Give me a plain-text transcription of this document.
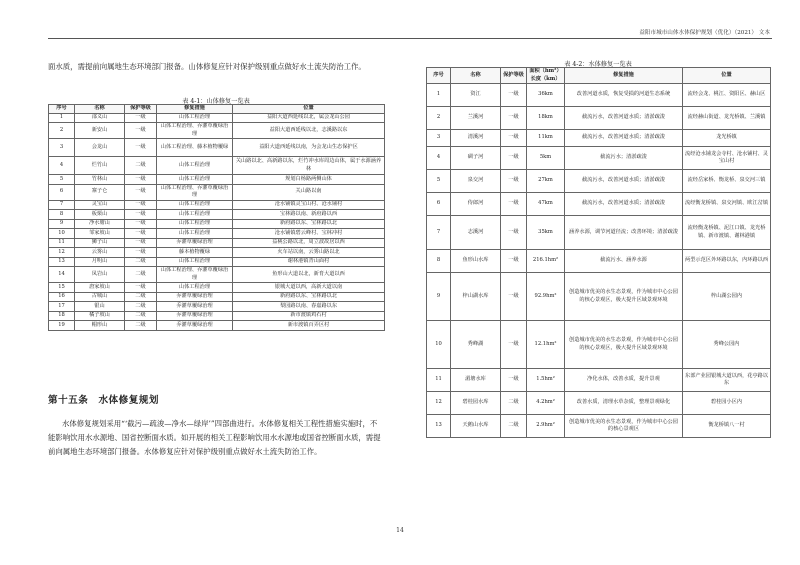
益阳市城市山体水体保护规划（优化）（2021） 文本

面水质，需提前向属地生态环境部门报备。山体修复应针对保护级别重点做好水土流失防治工作。

表 4-1：山体修复一览表
序号	名称	保护等级	修复措施	位置
1	邵义山	一级	山体工程治理	益阳大道西延线以北，属会龙山公园
2	新安山	一级	山体工程治理、乔灌草覆绿治理	益阳大道西延线以北，志溪路以东
3	会龙山	一级	山体工程治理、藤本植物覆绿	益阳大道西延线以南，为会龙山生态保护区
4	烂竹山	二级	山体工程治理	关山路以北、高新路以东，烂竹冲水库周边山体，属于水源涵养林
5	竹林山	一级	山体工程治理	规划白杨路两侧山体
6	寨子仑	一级	山体工程治理、乔灌草覆绿治理	关山路以南
7	灵宝山	一级	山体工程治理	沧水铺镇灵宝山村、沧水铺村
8	板栗山	一级	山体工程治理	宝林路以南、新府路以西
9	净水塘山	一级	山体工程治理	新府路以东、宝林路以北
10	邹家坡山	一级	山体工程治理	沧水铺镇碧云峰村、宝林冲村
11	狮子山	一级	乔灌草覆绿治理	益桃公路以北，周立波故居以西
12	云雾山	一级	藤本植物覆绿	火车站以南，云雾山路以北
13	月明山	二级	山体工程治理	谢林港镇青山面村
14	凤岩山	二级	山体工程治理、乔灌草覆绿治理	鱼形山大道以北，新育大道以西
15	唐家坡山	一级	山体工程治理	银城大道以西，高新大道以南
16	古城山	二级	乔灌草覆绿治理	新府路以东、宝林路以北
17	银山	二级	乔灌草覆绿治理	梨园路以南、春嘉路以东
18	橘子坡山	二级	乔灌草覆绿治理	新市渡镇鸡石村
19	帽形山	二级	乔灌草覆绿治理	新市渡镇百弄区村
第十五条　水体修复规划

水体修复规划采用“‘截污—疏浚—净水—绿岸’”四部曲进行。水体修复相关工程性措施实施时，不能影响饮用水水源地、国省控断面水质。如开展的相关工程影响饮用水水源地或国省控断面水质，需提前向属地生态环境部门报备。水体修复应针对保护级别重点做好水土流失防治工作。

表 4-2：水体修复一览表
序号	名称	保护等级	面积（hm²）长度（km）	修复措施	位置
1	资江	一级	36km	改善河道水质，恢复受损的河道生态系统	流经会龙、桃江、资阳区、赫山区
2	兰溪河	一级	18km	截流污水，改善河道水质；清淤疏浚	流经赫山街道、龙光桥镇、兰溪镇
3	清溪河	一级	11km	截流污水，改善河道水质；清淤疏浚	龙光桥镇
4	碉子河	一级	5km	截流污水；清淤疏浚	流经沧水铺龙会寺村、沧水铺村、灵宝山村
5	泉交河	一级	27km	截流污水，改善河道水质；清淤疏浚	流经岳家桥、衡龙桥、泉交河三镇
6	侍郎河	一级	47km	截流污水，改善河道水质；清淤疏浚	流经衡龙桥镇、泉交河镇、欧江岔镇
7	志溪河	一级	35km	涵养水源，调节河道径流；改善环境；清淤疏浚	流经衡龙桥镇、泥江口镇、龙光桥镇、新市渡镇、谢林港镇
8	鱼形山水库	一级	216.1hm²	截流污水、涵养水源	两型示范区外环路以东，内环路以西
9	梓山湖水库	一级	92.9hm²	创造城市优美的水生态景观，作为城市中心公园的核心景观区，极大提升区域景观环境	梓山湖公园内
10	秀峰湖	一级	12.1hm²	创造城市优美的水生态景观，作为城市中心公园的核心景观区，极大提升区域景观环境	秀峰公园内
11	湄塘水库	一级	1.5hm²	净化水体，改善水质，提升景观	东部产业园银城大道以西，花亭路以东
12	碧桂园水库	二级	4.2hm²	改善水质，清理水草杂质，整理景观绿化	碧桂园小区内
13	天鹅山水库	二级	2.9hm²	创造城市优美的水生态景观，作为城市中心公园的核心景观区	衡龙桥镇八一村
14
